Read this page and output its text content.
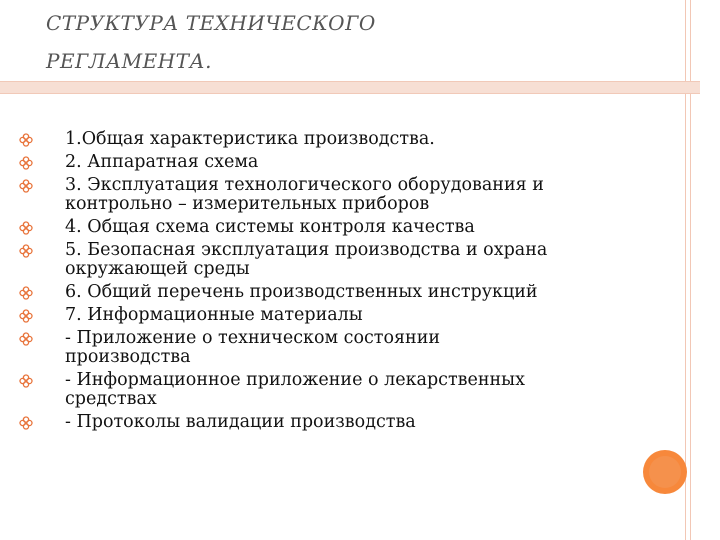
СТРУКТУРА ТЕХНИЧЕСКОГО
РЕГЛАМЕНТА.
1.Общая характеристика производства.
2. Аппаратная схема
3. Эксплуатация технологического оборудования и
контрольно – измерительных приборов
4. Общая схема системы контроля качества
5. Безопасная эксплуатация производства и охрана
окружающей среды
6. Общий перечень производственных инструкций
7. Информационные материалы
- Приложение о техническом состоянии
производства
- Информационное приложение о лекарственных
средствах
- Протоколы валидации производства
